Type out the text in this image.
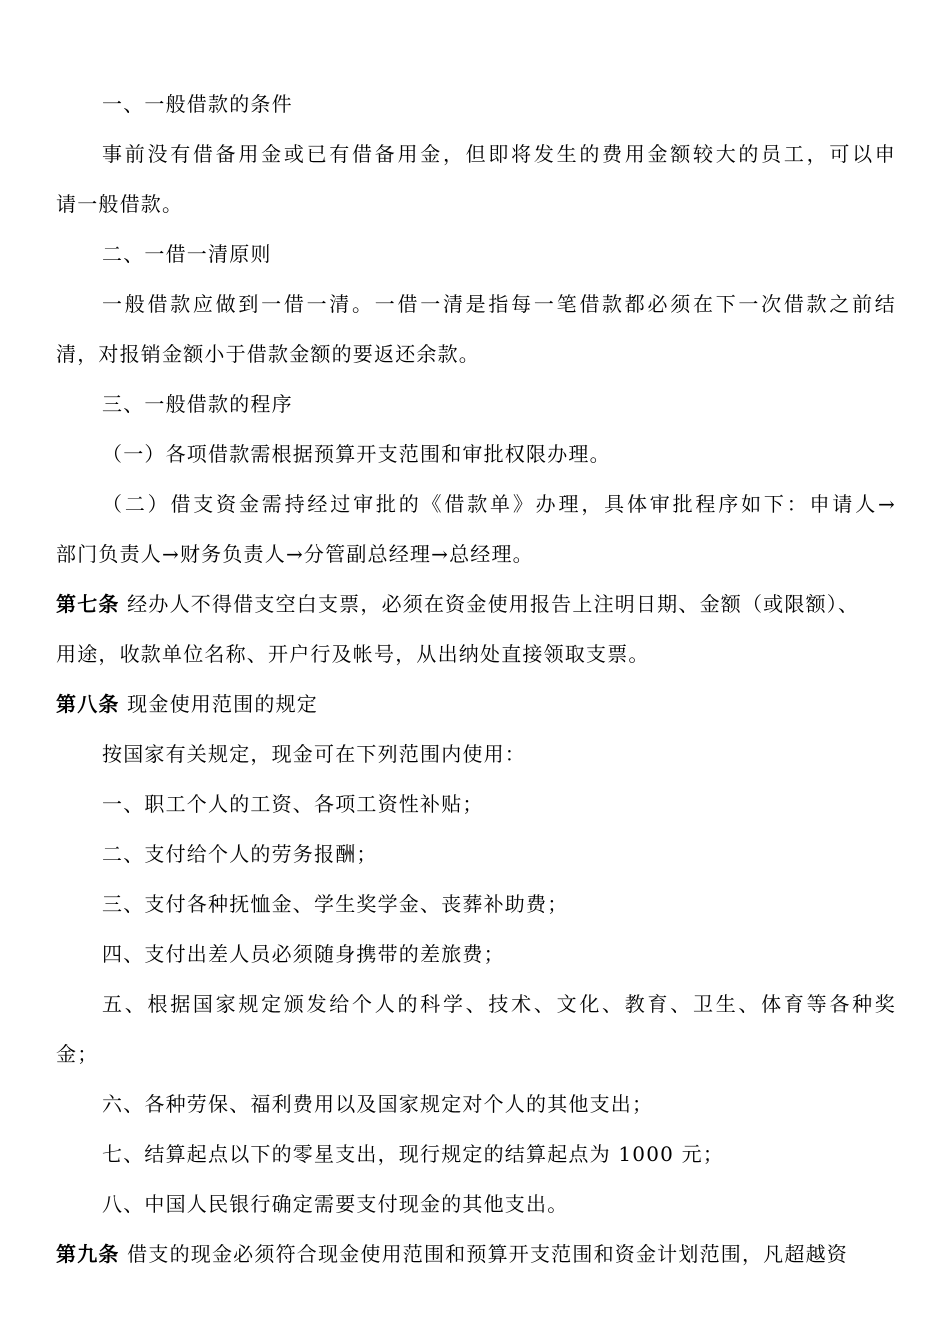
一、一般借款的条件
事前没有借备用金或已有借备用金，但即将发生的费用金额较大的员工，可以申
请一般借款。
二、一借一清原则
一般借款应做到一借一清。一借一清是指每一笔借款都必须在下一次借款之前结
清，对报销金额小于借款金额的要返还余款。
三、一般借款的程序
（一）各项借款需根据预算开支范围和审批权限办理。
（二）借支资金需持经过审批的《借款单》办理，具体审批程序如下：申请人→
部门负责人→财务负责人→分管副总经理→总经理。
第七条 经办人不得借支空白支票，必须在资金使用报告上注明日期、金额（或限额）、
用途，收款单位名称、开户行及帐号，从出纳处直接领取支票。
第八条 现金使用范围的规定
按国家有关规定，现金可在下列范围内使用：
一、职工个人的工资、各项工资性补贴；
二、支付给个人的劳务报酬；
三、支付各种抚恤金、学生奖学金、丧葬补助费；
四、支付出差人员必须随身携带的差旅费；
五、根据国家规定颁发给个人的科学、技术、文化、教育、卫生、体育等各种奖
金；
六、各种劳保、福利费用以及国家规定对个人的其他支出；
七、结算起点以下的零星支出，现行规定的结算起点为 1000 元；
八、中国人民银行确定需要支付现金的其他支出。
第九条 借支的现金必须符合现金使用范围和预算开支范围和资金计划范围，凡超越资
